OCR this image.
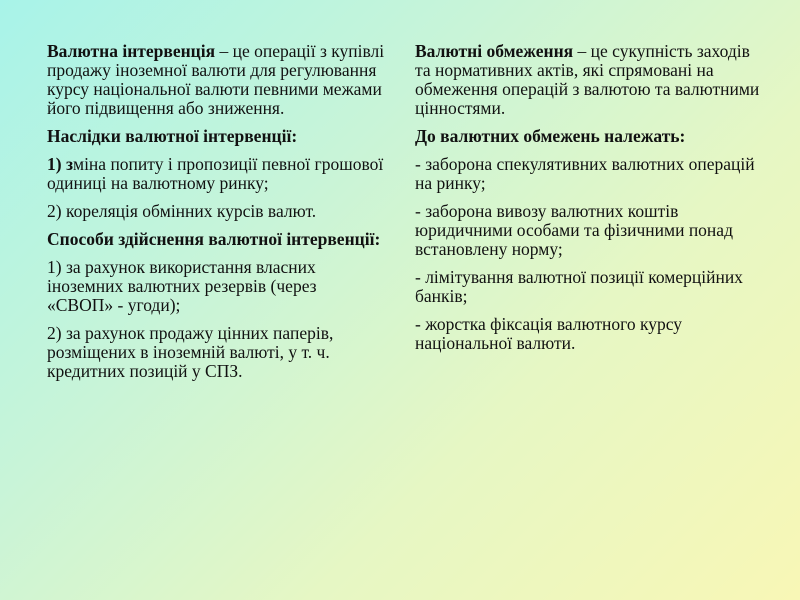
Валютна інтервенція – це операції з купівлі продажу іноземної валюти для регулювання курсу національної валюти певними межами його підвищення або зниження.

Наслідки валютної інтервенції:

1) зміна попиту і пропозиції певної грошової одиниці на валютному ринку;

2) кореляція обмінних курсів валют.

Способи здійснення валютної інтервенції:

1) за рахунок використання власних іноземних валютних резервів (через «СВОП» - угоди);

2) за рахунок продажу цінних паперів, розміщених в іноземній валюті, у т. ч. кредитних позицій у СПЗ.

Валютні обмеження – це сукупність заходів та нормативних актів, які спрямовані на обмеження операцій з валютою та валютними цінностями.

До валютних обмежень належать:

- заборона спекулятивних валютних операцій на ринку;

- заборона вивозу валютних коштів юридичними особами та фізичними понад встановлену норму;

- лімітування валютної позиції комерційних банків;

- жорстка фіксація валютного курсу національної валюти.
